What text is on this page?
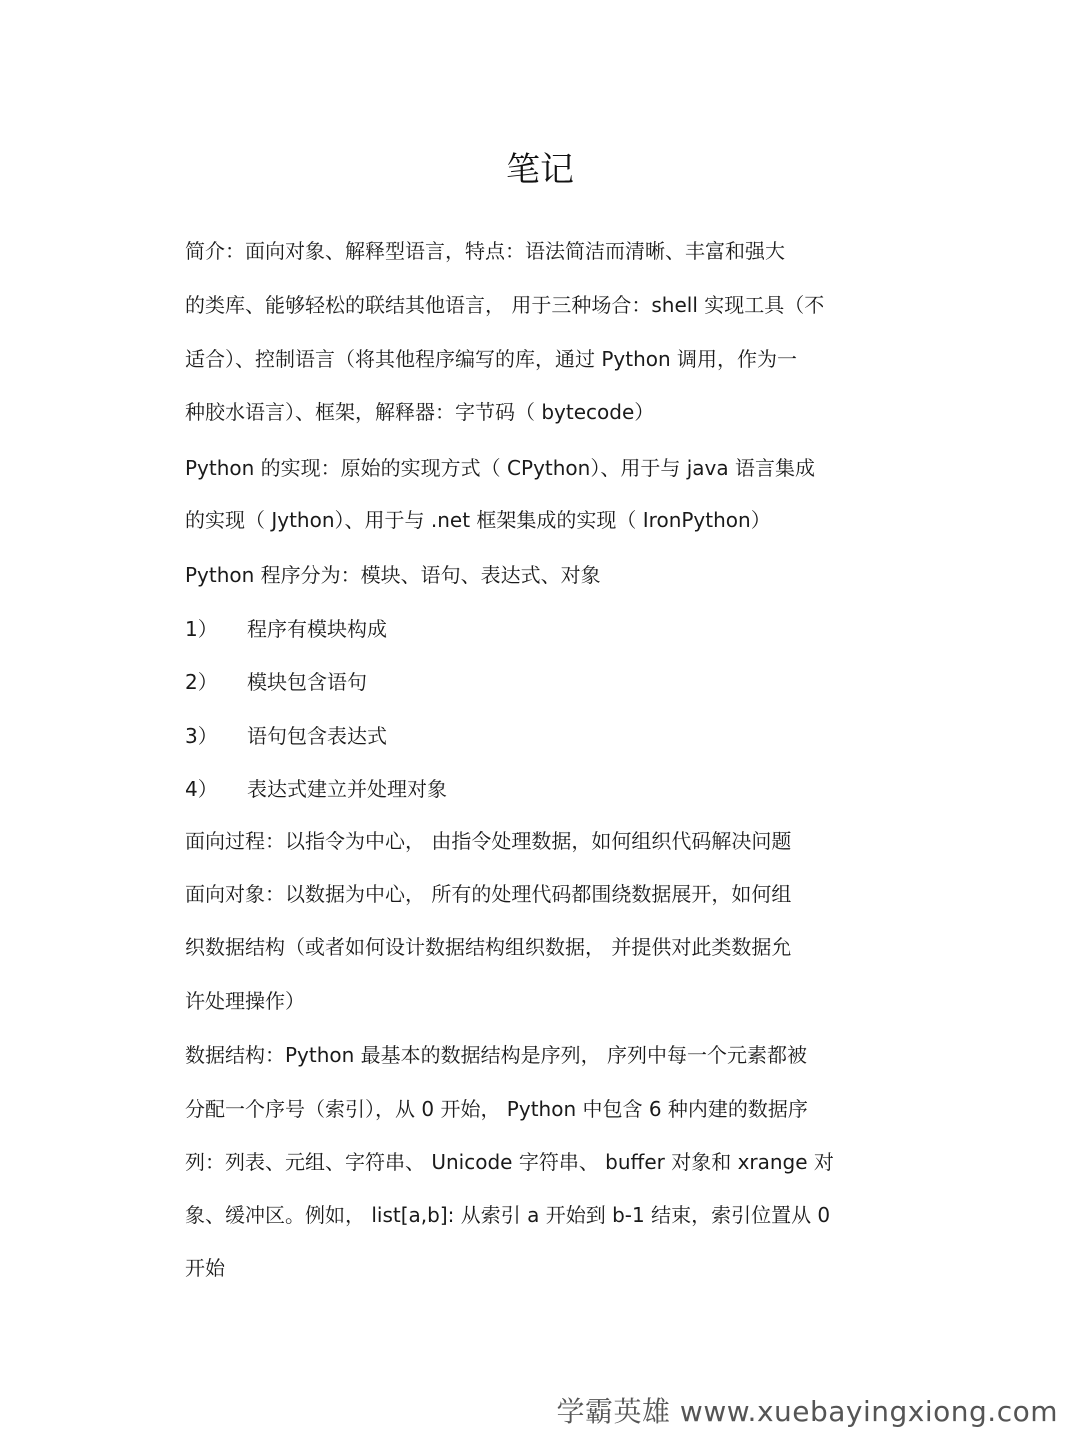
笔记
简介：面向对象、解释型语言，特点：语法简洁而清晰、丰富和强大
的类库、能够轻松的联结其他语言， 用于三种场合：shell 实现工具（不
适合）、控制语言（将其他程序编写的库，通过 Python 调用，作为一
种胶水语言）、框架，解释器：字节码（ bytecode）
Python 的实现：原始的实现方式（ CPython）、用于与 java 语言集成
的实现（ Jython）、用于与 .net 框架集成的实现（ IronPython）
Python 程序分为：模块、语句、表达式、对象
1） 程序有模块构成
2） 模块包含语句
3） 语句包含表达式
4） 表达式建立并处理对象
面向过程：以指令为中心， 由指令处理数据，如何组织代码解决问题
面向对象：以数据为中心， 所有的处理代码都围绕数据展开，如何组
织数据结构（或者如何设计数据结构组织数据， 并提供对此类数据允
许处理操作）
数据结构：Python 最基本的数据结构是序列， 序列中每一个元素都被
分配一个序号（索引），从 0 开始， Python 中包含 6 种内建的数据序
列：列表、元组、字符串、 Unicode 字符串、 buffer 对象和 xrange 对
象、缓冲区。例如， list[a,b]: 从索引 a 开始到 b-1 结束，索引位置从 0
开始
学霸英雄 www.xuebayingxiong.com
